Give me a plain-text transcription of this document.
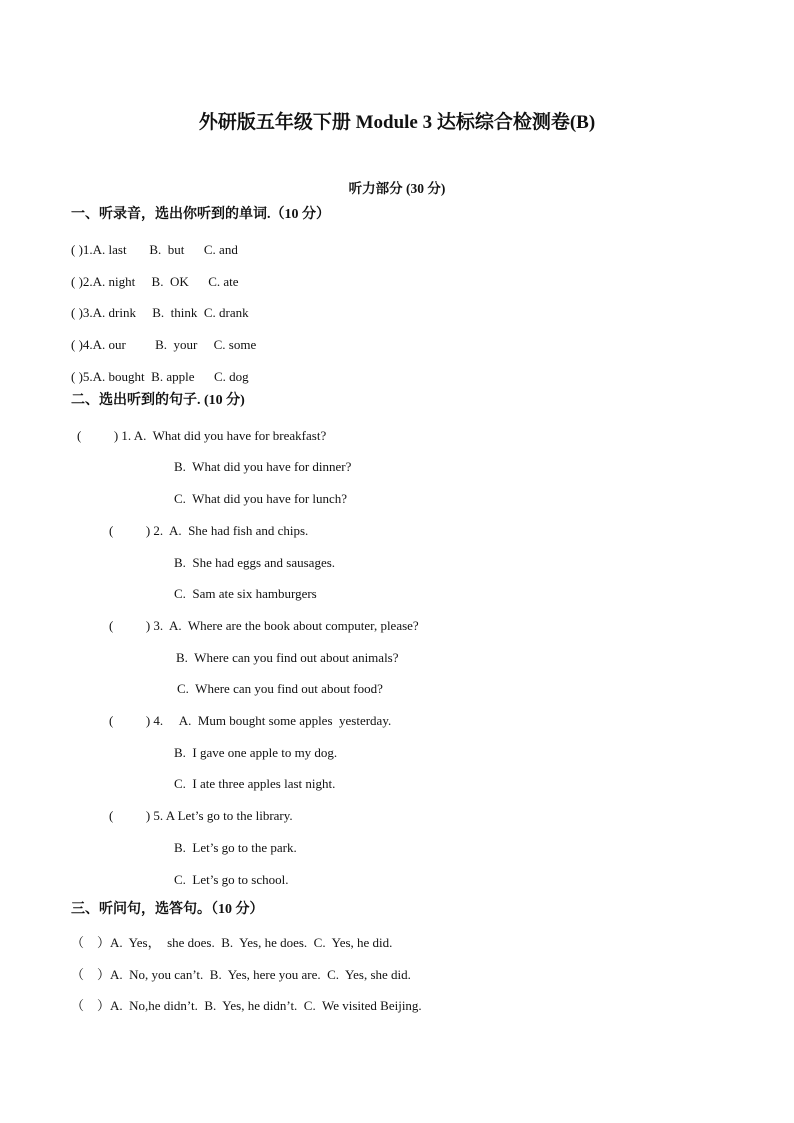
外研版五年级下册 Module 3 达标综合检测卷(B)
听力部分 (30 分)
一、听录音，选出你听到的单词.（10 分）
( )1.A. last       B.  but      C. and
( )2.A. night     B.  OK      C. ate
( )3.A. drink     B.  think  C. drank
( )4.A. our         B.  your     C. some
( )5.A. bought  B. apple      C. dog
二、选出听到的句子. (10 分)
(          ) 1. A.  What did you have for breakfast?
B.  What did you have for dinner?
C.  What did you have for lunch?
(          ) 2.  A.  She had fish and chips.
B.  She had eggs and sausages.
C.  Sam ate six hamburgers
(          ) 3.  A.  Where are the book about computer, please?
B.  Where can you find out about animals?
C.  Where can you find out about food?
(          ) 4.     A.  Mum bought some apples  yesterday.
B.  I gave one apple to my dog.
C.  I ate three apples last night.
(          ) 5. A Let’s go to the library.
B.  Let’s go to the park.
C.  Let’s go to school.
三、听问句，选答句。（10 分）
（    ）A.  Yes，  she does.  B.  Yes, he does.  C.  Yes, he did.
（    ）A.  No, you can’t.  B.  Yes, here you are.  C.  Yes, she did.
（    ）A.  No,he didn’t.  B.  Yes, he didn’t.  C.  We visited Beijing.
